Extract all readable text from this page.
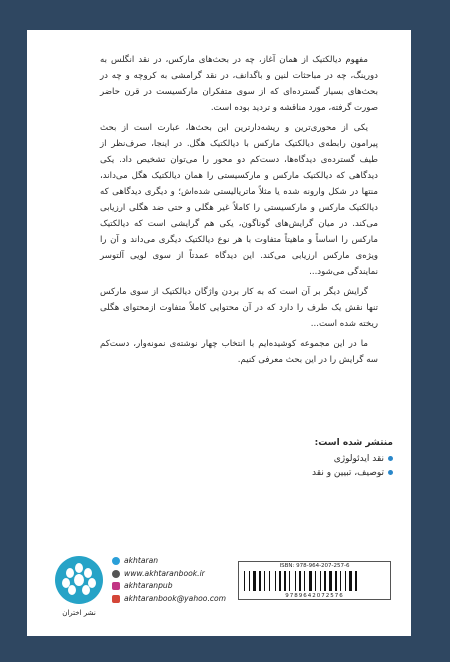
مفهوم دیالکتیک از همان آغاز، چه در بحث‌های مارکس، در نقد انگلس به دورینگ، چه در مباحثات لنین و باگدانف، در نقد گرامشی به کروچه و چه در بحث‌های بسیار گسترده‌ای که از سوی متفکران مارکسیست در قرن حاضر صورت گرفته، مورد مناقشه و تردید بوده است.

یکی از محوری‌ترین و ریشه‌دارترین این بحث‌ها، عبارت است از بحث پیرامون رابطه‌ی دیالکتیک مارکس با دیالکتیک هگل. در اینجا، صرف‌نظر از طیف گسترده‌ی دیدگاه‌ها، دست‌کم دو محور را می‌توان تشخیص داد. یکی دیدگاهی که دیالکتیک مارکس و مارکسیستی را همان دیالکتیک هگل می‌داند، منتها در شکل وارونه شده یا مثلاً ماتریالیستی شده‌اش؛ و دیگری دیدگاهی که دیالکتیک مارکس و مارکسیستی را کاملاً غیر هگلی و حتی ضد هگلی ارزیابی می‌کند. در میان گرایش‌های گوناگون، یکی هم گرایشی است که دیالکتیک مارکس را اساساً و ماهیتاً متفاوت با هر نوع دیالکتیک دیگری می‌داند و آن را ویژه‌ی مارکس ارزیابی می‌کند. این دیدگاه عمدتاً از سوی لویی آلتوسر نمایندگی می‌شود...

گرایش دیگر بر آن است که به کار بردن واژگان دیالکتیک از سوی مارکس تنها نقش یک طرف را دارد که در آن محتوایی کاملاً متفاوت ازمحتوای هگلی ریخته شده است...

ما در این مجموعه کوشیده‌ایم با انتخاب چهار نوشته‌ی نمونه‌وار، دست‌کم سه گرایش را در این بحث معرفی کنیم.

منتشر شده است:
نقد ایدئولوژی
توصیف، تبیین و نقد
نشر اختران
akhtaran
www.akhtaranbook.ir
akhtaranpub
akhtaranbook@yahoo.com
ISBN: 978-964-207-257-6
9789642072576
